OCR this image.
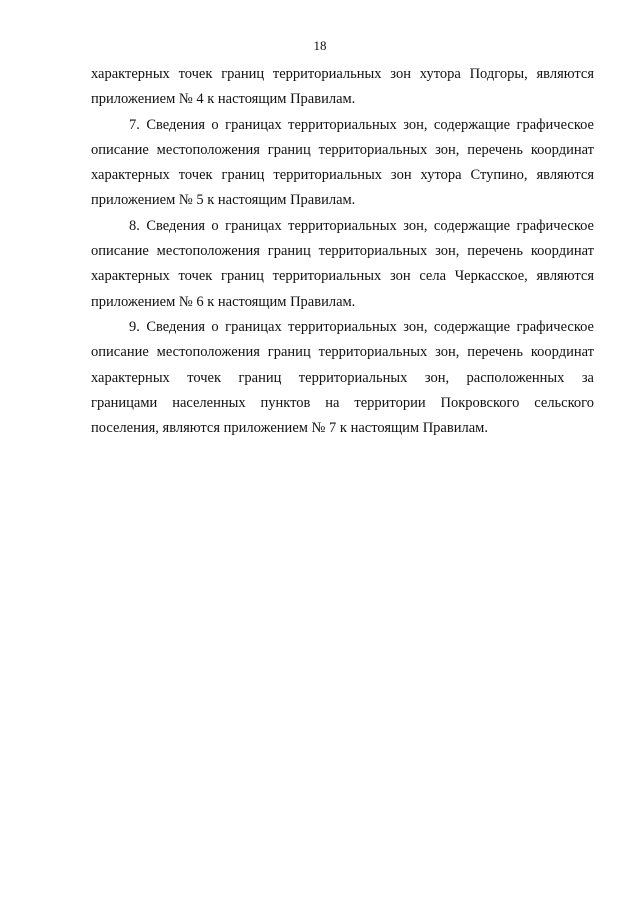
18
характерных точек границ территориальных зон хутора Подгоры, являются
приложением № 4 к настоящим Правилам.
7. Сведения о границах территориальных зон, содержащие графическое
описание местоположения границ территориальных зон, перечень координат
характерных точек границ территориальных зон хутора Ступино, являются
приложением № 5 к настоящим Правилам.
8. Сведения о границах территориальных зон, содержащие графическое
описание местоположения границ территориальных зон, перечень координат
характерных точек границ территориальных зон села Черкасское, являются
приложением № 6 к настоящим Правилам.
9. Сведения о границах территориальных зон, содержащие графическое
описание местоположения границ территориальных зон, перечень координат
характерных точек границ территориальных зон, расположенных за
границами населенных пунктов на территории Покровского сельского
поселения, являются приложением № 7 к настоящим Правилам.
